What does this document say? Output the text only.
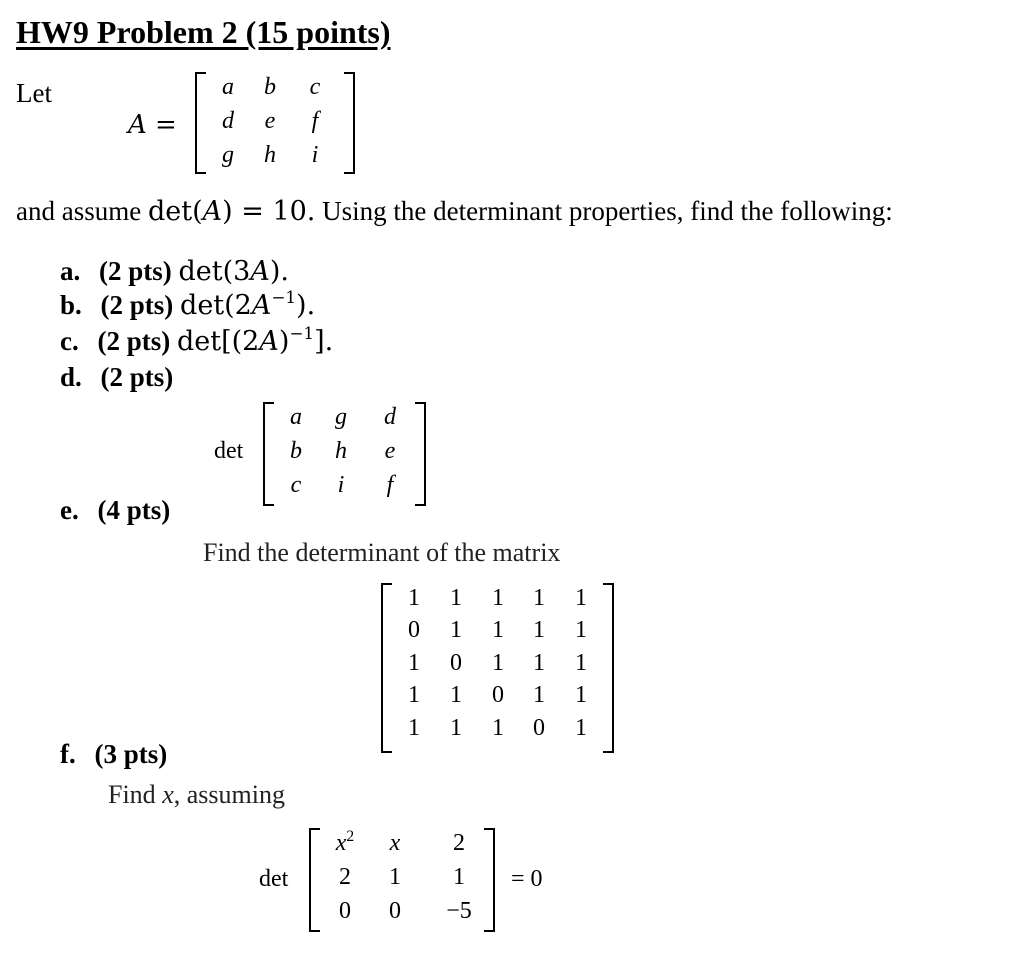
HW9 Problem 2 (15 points)
Let
A =
a	b	c
d	e	f
g	h	i
and assume det(A) = 10. Using the determinant properties, find the following:
a. (2 pts) det(3A).
b. (2 pts) $\det(2A^{-1})$.
c. (2 pts) $\det[(2A)^{-1}]$.
d. (2 pts)
det
a	g	d
b	h	e
c	i	f
e. (4 pts)
Find the determinant of the matrix
1	1	1	1	1
0	1	1	1	1
1	0	1	1	1
1	1	0	1	1
1	1	1	0	1
f. (3 pts)
Find x, assuming
det
$x^2$	x	2
2	1	1
0	0	−5
= 0
